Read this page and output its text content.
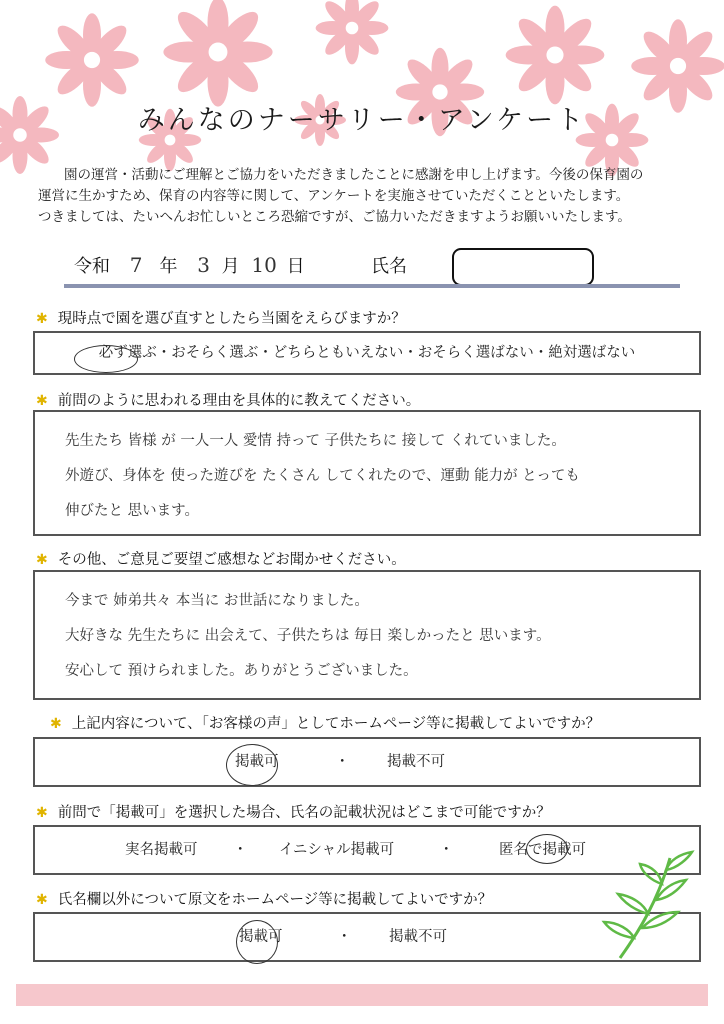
みんなのナーサリー・アンケート

園の運営・活動にご理解とご協力をいただきましたことに感謝を申し上げます。今後の保育園の

運営に生かすため、保育の内容等に関して、アンケートを実施させていただくことといたします。

つきましては、たいへんお忙しいところ恐縮ですが、ご協力いただきますようお願いいたします。

令和 7 年 3 月 10 日	氏名
✱ 現時点で園を選び直すとしたら当園をえらびますか？
必ず選ぶ・おそらく選ぶ・どちらともいえない・おそらく選ばない・絶対選ばない
✱ 前問のように思われる理由を具体的に教えてください。

先生たち 皆様 が 一人一人 愛情 持って 子供たちに 接して くれていました。

外遊び、身体を 使った遊びを たくさん してくれたので、運動 能力が とっても

伸びたと 思います。

✱ その他、ご意見ご要望ご感想などお聞かせください。

今まで 姉弟共々 本当に お世話になりました。

大好きな 先生たちに 出会えて、子供たちは 毎日 楽しかったと 思います。

安心して 預けられました。ありがとうございました。

✱ 上記内容について、「お客様の声」としてホームページ等に掲載してよいですか？
掲載可	・	掲載不可
✱ 前問で「掲載可」を選択した場合、氏名の記載状況はどこまで可能ですか？
実名掲載可 ・ イニシャル掲載可	・	匿名で掲載可
✱ 氏名欄以外について原文をホームページ等に掲載してよいですか？
掲載可	・	掲載不可
